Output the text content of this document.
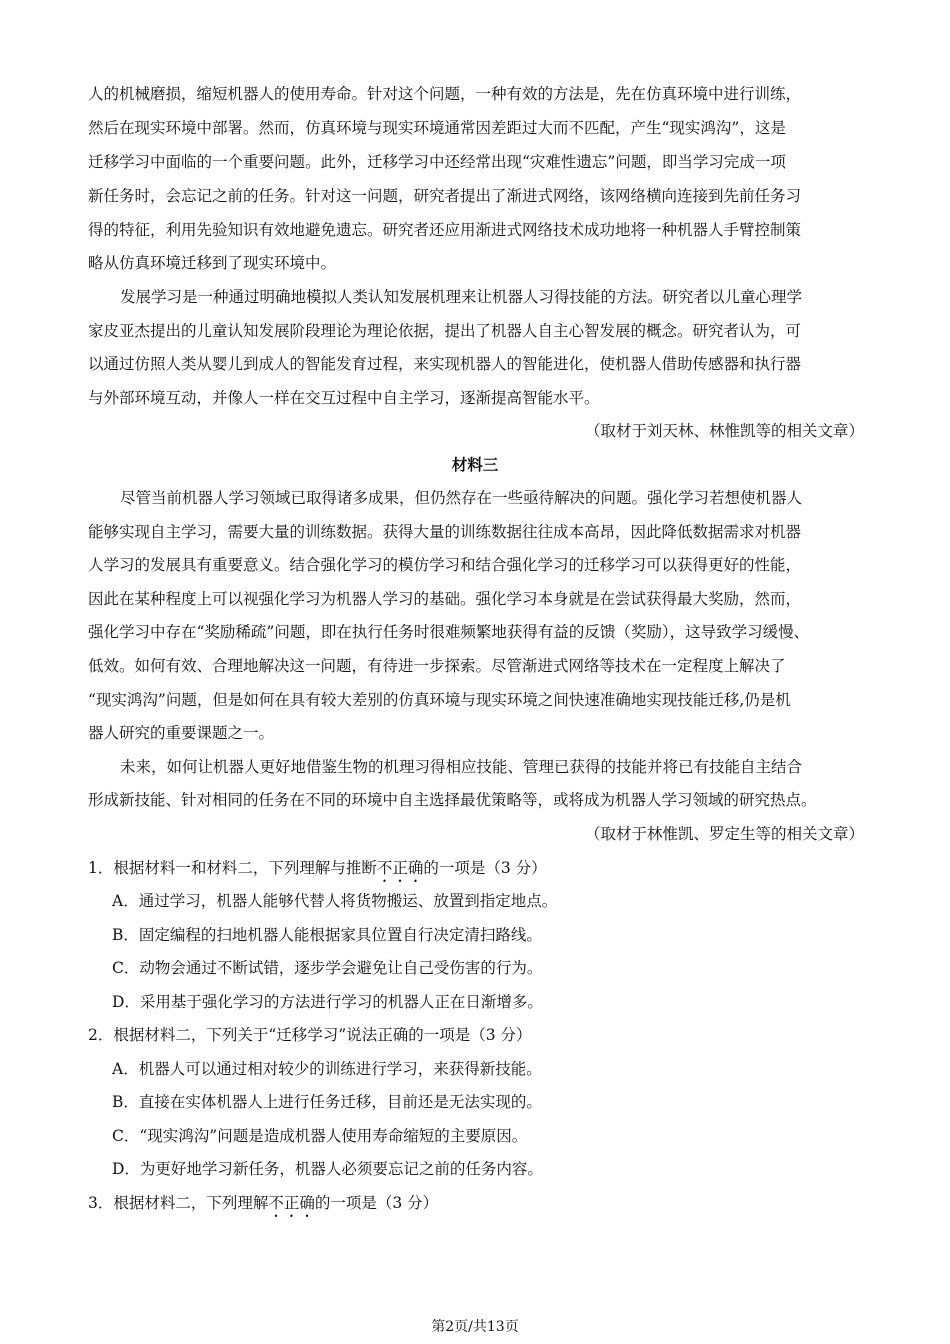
人的机械磨损，缩短机器人的使用寿命。针对这个问题，一种有效的方法是，先在仿真环境中进行训练，
然后在现实环境中部署。然而，仿真环境与现实环境通常因差距过大而不匹配，产生“现实鸿沟”，这是
迁移学习中面临的一个重要问题。此外，迁移学习中还经常出现“灾难性遗忘”问题，即当学习完成一项
新任务时，会忘记之前的任务。针对这一问题，研究者提出了渐进式网络，该网络横向连接到先前任务习
得的特征，利用先验知识有效地避免遗忘。研究者还应用渐进式网络技术成功地将一种机器人手臂控制策
略从仿真环境迁移到了现实环境中。
发展学习是一种通过明确地模拟人类认知发展机理来让机器人习得技能的方法。研究者以儿童心理学
家皮亚杰提出的儿童认知发展阶段理论为理论依据，提出了机器人自主心智发展的概念。研究者认为，可
以通过仿照人类从婴儿到成人的智能发育过程，来实现机器人的智能进化，使机器人借助传感器和执行器
与外部环境互动，并像人一样在交互过程中自主学习，逐渐提高智能水平。
（取材于刘天林、林惟凯等的相关文章）
材料三
尽管当前机器人学习领域已取得诸多成果，但仍然存在一些亟待解决的问题。强化学习若想使机器人
能够实现自主学习，需要大量的训练数据。获得大量的训练数据往往成本高昂，因此降低数据需求对机器
人学习的发展具有重要意义。结合强化学习的模仿学习和结合强化学习的迁移学习可以获得更好的性能，
因此在某种程度上可以视强化学习为机器人学习的基础。强化学习本身就是在尝试获得最大奖励，然而，
强化学习中存在“奖励稀疏”问题，即在执行任务时很难频繁地获得有益的反馈（奖励），这导致学习缓慢、
低效。如何有效、合理地解决这一问题，有待进一步探索。尽管渐进式网络等技术在一定程度上解决了
“现实鸿沟”问题，但是如何在具有较大差别的仿真环境与现实环境之间快速准确地实现技能迁移,仍是机
器人研究的重要课题之一。
未来，如何让机器人更好地借鉴生物的机理习得相应技能、管理已获得的技能并将已有技能自主结合
形成新技能、针对相同的任务在不同的环境中自主选择最优策略等，或将成为机器人学习领域的研究热点。
（取材于林惟凯、罗定生等的相关文章）
1．根据材料一和材料二，下列理解与推断不正确的一项是（3 分）
A．通过学习，机器人能够代替人将货物搬运、放置到指定地点。
B．固定编程的扫地机器人能根据家具位置自行决定清扫路线。
C．动物会通过不断试错，逐步学会避免让自己受伤害的行为。
D．采用基于强化学习的方法进行学习的机器人正在日渐增多。
2．根据材料二，下列关于“迁移学习”说法正确的一项是（3 分）
A．机器人可以通过相对较少的训练进行学习，来获得新技能。
B．直接在实体机器人上进行任务迁移，目前还是无法实现的。
C．“现实鸿沟”问题是造成机器人使用寿命缩短的主要原因。
D．为更好地学习新任务，机器人必须要忘记之前的任务内容。
3．根据材料二，下列理解不正确的一项是（3 分）
第2页/共13页
